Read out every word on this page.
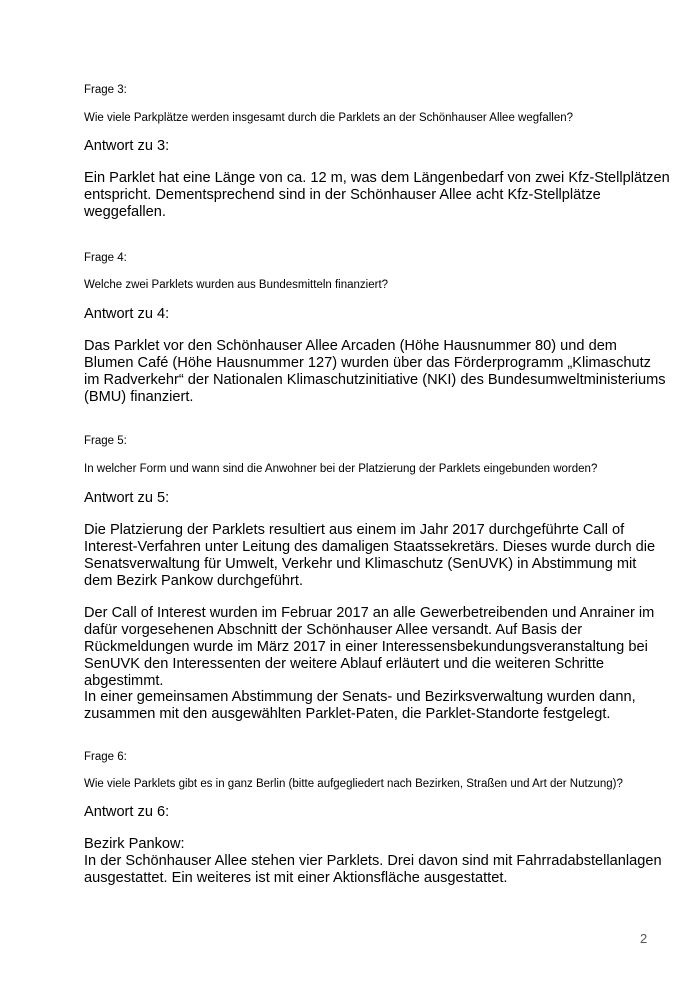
Frage 3:
Wie viele Parkplätze werden insgesamt durch die Parklets an der Schönhauser Allee wegfallen?
Antwort zu 3:
Ein Parklet hat eine Länge von ca. 12 m, was dem Längenbedarf von zwei Kfz-Stellplätzen
entspricht. Dementsprechend sind in der Schönhauser Allee acht Kfz-Stellplätze
weggefallen.
Frage 4:
Welche zwei Parklets wurden aus Bundesmitteln finanziert?
Antwort zu 4:
Das Parklet vor den Schönhauser Allee Arcaden (Höhe Hausnummer 80) und dem
Blumen Café (Höhe Hausnummer 127) wurden über das Förderprogramm „Klimaschutz
im Radverkehr“ der Nationalen Klimaschutzinitiative (NKI) des Bundesumweltministeriums
(BMU) finanziert.
Frage 5:
In welcher Form und wann sind die Anwohner bei der Platzierung der Parklets eingebunden worden?
Antwort zu 5:
Die Platzierung der Parklets resultiert aus einem im Jahr 2017 durchgeführte Call of
Interest-Verfahren unter Leitung des damaligen Staatssekretärs. Dieses wurde durch die
Senatsverwaltung für Umwelt, Verkehr und Klimaschutz (SenUVK) in Abstimmung mit
dem Bezirk Pankow durchgeführt.
Der Call of Interest wurden im Februar 2017 an alle Gewerbetreibenden und Anrainer im
dafür vorgesehenen Abschnitt der Schönhauser Allee versandt. Auf Basis der
Rückmeldungen wurde im März 2017 in einer Interessensbekundungsveranstaltung bei
SenUVK den Interessenten der weitere Ablauf erläutert und die weiteren Schritte
abgestimmt.
In einer gemeinsamen Abstimmung der Senats- und Bezirksverwaltung wurden dann,
zusammen mit den ausgewählten Parklet-Paten, die Parklet-Standorte festgelegt.
Frage 6:
Wie viele Parklets gibt es in ganz Berlin (bitte aufgegliedert nach Bezirken, Straßen und Art der Nutzung)?
Antwort zu 6:
Bezirk Pankow:
In der Schönhauser Allee stehen vier Parklets. Drei davon sind mit Fahrradabstellanlagen
ausgestattet. Ein weiteres ist mit einer Aktionsfläche ausgestattet.
2
